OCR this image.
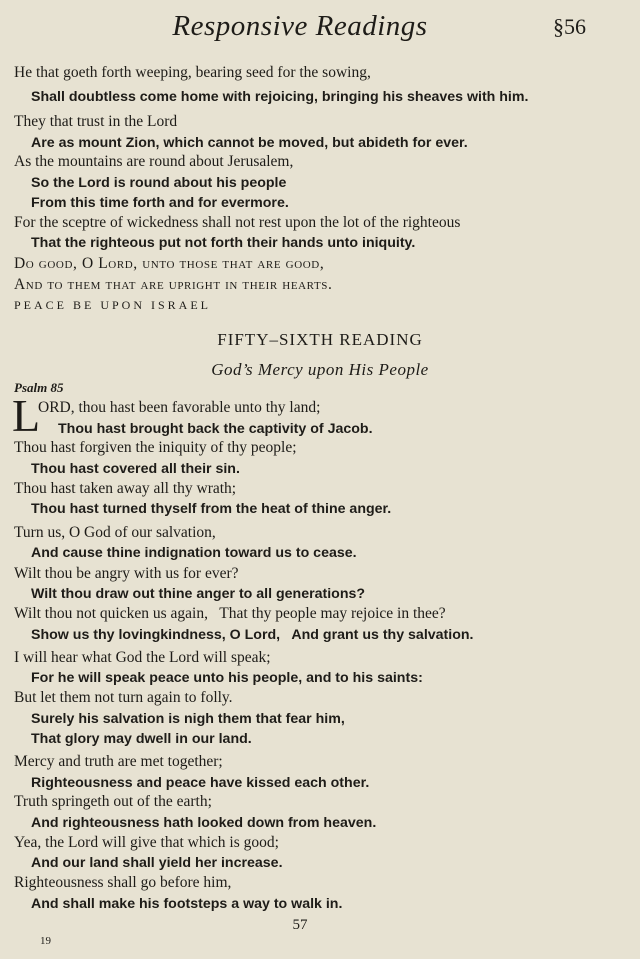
Responsive Readings	§56
He that goeth forth weeping, bearing seed for the sowing,
Shall doubtless come home with rejoicing, bringing his sheaves with him.
They that trust in the Lord
Are as mount Zion, which cannot be moved, but abideth for ever.
As the mountains are round about Jerusalem,
So the Lord is round about his people
From this time forth and for evermore.
For the sceptre of wickedness shall not rest upon the lot of the righteous
That the righteous put not forth their hands unto iniquity.
Do good, O Lord, unto those that are good,
And to them that are upright in their hearts.
PEACE BE UPON ISRAEL
FIFTY–SIXTH READING
God’s Mercy upon His People
Psalm 85
L
ORD, thou hast been favorable unto thy land;
Thou hast brought back the captivity of Jacob.
Thou hast forgiven the iniquity of thy people;
Thou hast covered all their sin.
Thou hast taken away all thy wrath;
Thou hast turned thyself from the heat of thine anger.
Turn us, O God of our salvation,
And cause thine indignation toward us to cease.
Wilt thou be angry with us for ever?
Wilt thou draw out thine anger to all generations?
Wilt thou not quicken us again,   That thy people may rejoice in thee?
Show us thy lovingkindness, O Lord,   And grant us thy salvation.
I will hear what God the Lord will speak;
For he will speak peace unto his people, and to his saints:
But let them not turn again to folly.
Surely his salvation is nigh them that fear him,
That glory may dwell in our land.
Mercy and truth are met together;
Righteousness and peace have kissed each other.
Truth springeth out of the earth;
And righteousness hath looked down from heaven.
Yea, the Lord will give that which is good;
And our land shall yield her increase.
Righteousness shall go before him,
And shall make his footsteps a way to walk in.
57
19
